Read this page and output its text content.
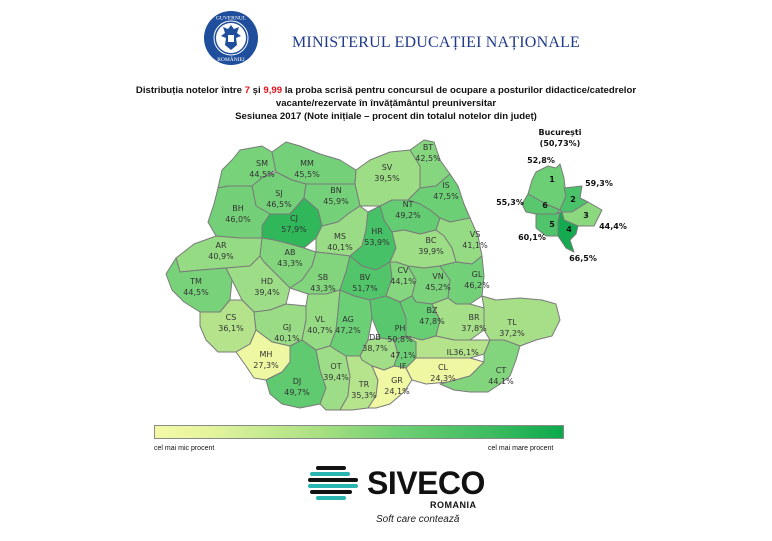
GUVERNUL
ROMÂNIEI
MINISTERUL EDUCAȚIEI NAȚIONALE
Distribuția notelor între 7 și 9,99 la proba scrisă pentru concursul de ocupare a posturilor didactice/catedrelor
vacante/rezervate în învățământul preuniversitar
Sesiunea 2017 (Note inițiale – procent din totalul notelor din județ)
SM
44,5%
MM
45,5%
SV
39,5%
BT
42,5%
SJ
46,5%
BN
45,9%
IS
47,5%
BH
46,0%	CJ
57,9%
NT
49,2%
MS
40,1%
HR
53,9%
VS
41,1%
AR
40,9%	AB
43,3%
BC
39,9%
TM
44,5%
HD
39,4%
SB
43,3%
BV
51,7%
CV
44,1%
VN
45,2%
GL
46,2%
CS
36,1%	GJ
40,1%
VL
40,7%
AG
47,2%	PH
50,8%
BZ
47,8%	BR
37,8%
TL
37,2%
MH
27,3%
DB
38,7%
IF
47,1%	IL 36,1%
DJ
49,7%
OT
39,4%
TR
35,3%
GR
24,1%
CL
24,3%
CT
44,1%
București
(50,73%)
1
2
3
4
5
6
52,8%
59,3%
44,4%
66,5%
60,1%
55,3%
cel mai mic procent	cel mai mare procent
SIVECO
ROMANIA
Soft care contează
